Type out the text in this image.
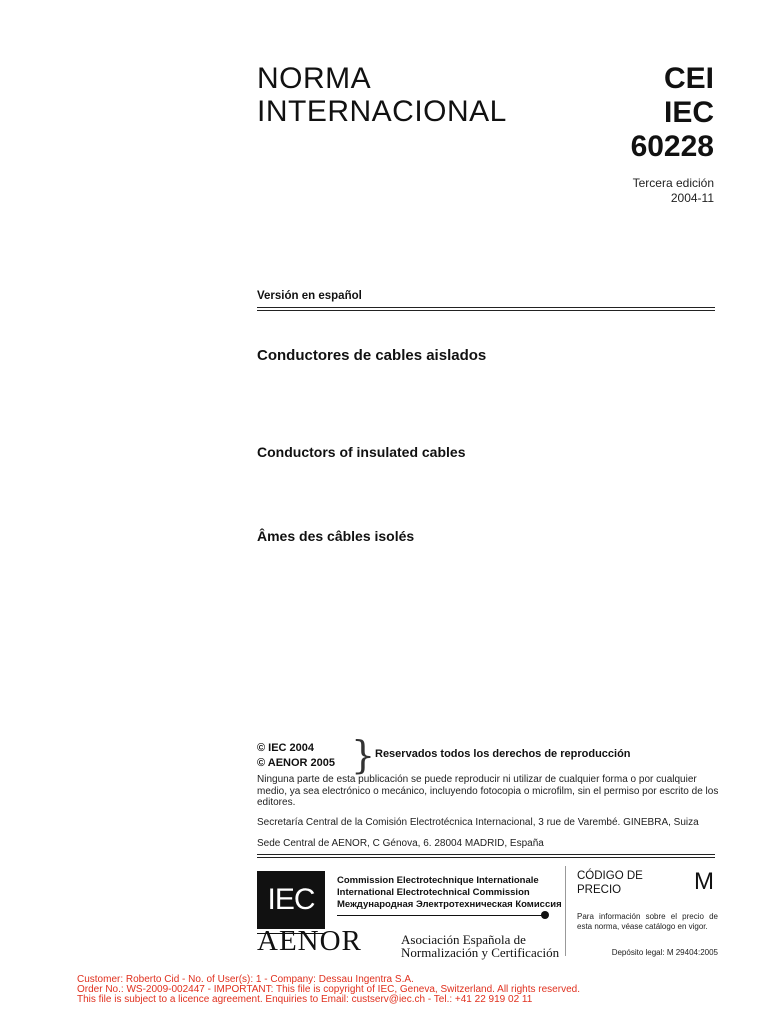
NORMA
INTERNACIONAL
CEI
IEC
60228
Tercera edición
2004-11
Versión en español
Conductores de cables aislados
Conductors of insulated cables
Âmes des câbles isolés
© IEC 2004
© AENOR 2005 } Reservados todos los derechos de reproducción
Ninguna parte de esta publicación se puede reproducir ni utilizar de cualquier forma o por cualquier medio, ya sea electrónico o mecánico, incluyendo fotocopia o microfilm, sin el permiso por escrito de los editores.
Secretaría Central de la Comisión Electrotécnica Internacional, 3 rue de Varembé. GINEBRA, Suiza
Sede Central de AENOR, C Génova, 6. 28004 MADRID, España
IEC
Commission Electrotechnique Internationale
International Electrotechnical Commission
Международная Электротехническая Комиссия
AENOR	Asociación Española de
Normalización y Certificación
CÓDIGO DE
PRECIO	M
Para información sobre el precio de esta norma, véase catálogo en vigor.
Depósito legal: M 29404:2005
Customer: Roberto Cid - No. of User(s): 1 - Company: Dessau Ingentra S.A.
Order No.: WS-2009-002447 - IMPORTANT: This file is copyright of IEC, Geneva, Switzerland. All rights reserved.
This file is subject to a licence agreement. Enquiries to Email: custserv@iec.ch - Tel.: +41 22 919 02 11
